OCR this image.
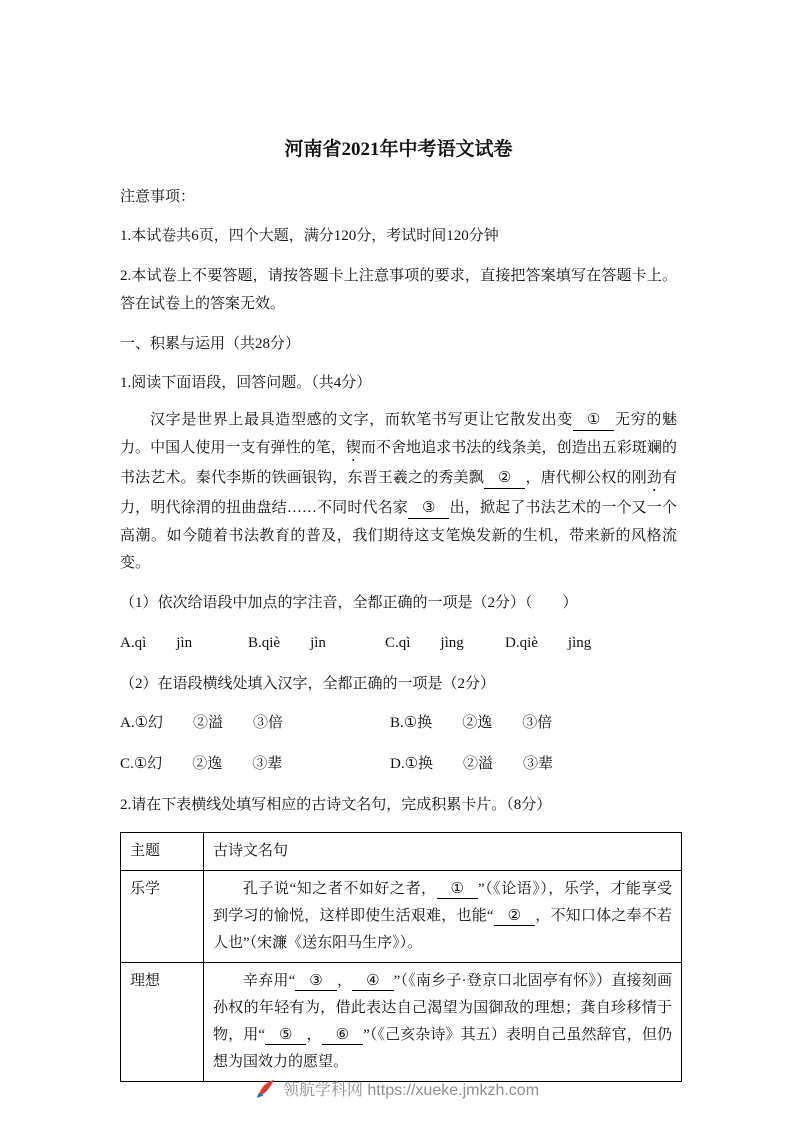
河南省2021年中考语文试卷

注意事项：

1.本试卷共6页，四个大题，满分120分，考试时间120分钟

2.本试卷上不要答题，请按答题卡上注意事项的要求，直接把答案填写在答题卡上。答在试卷上的答案无效。

一、积累与运用（共28分）

1.阅读下面语段，回答问题。（共4分）

汉字是世界上最具造型感的文字，而软笔书写更让它散发出变 ① 无穷的魅力。中国人使用一支有弹性的笔，锲而不舍地追求书法的线条美，创造出五彩斑斓的书法艺术。秦代李斯的铁画银钩，东晋王羲之的秀美飘 ② ，唐代柳公权的刚劲有力，明代徐渭的扭曲盘结……不同时代名家 ③ 出，掀起了书法艺术的一个又一个高潮。如今随着书法教育的普及，我们期待这支笔焕发新的生机，带来新的风格流变。

（1）依次给语段中加点的字注音，全都正确的一项是（2分）（　　）

A.qì　　jìn	B.qiè　　jìn	C.qì　　jìng	D.qiè　　jìng

（2）在语段横线处填入汉字，全都正确的一项是（2分）

A.①幻　　②溢　　③倍	B.①换　　②逸　　③倍
C.①幻　　②逸　　③辈	D.①换　　②溢　　③辈

2.请在下表横线处填写相应的古诗文名句，完成积累卡片。（8分）

主题	古诗文名句
乐学	孔子说“知之者不如好之者， ① ”（《论语》），乐学，才能享受到学习的愉悦，这样即使生活艰难，也能“ ② ，不知口体之奉不若人也”（宋濂《送东阳马生序》）。

理想	辛弃用“ ③ ， ④ ”（《南乡子·登京口北固亭有怀》）直接刻画孙权的年轻有为，借此表达自己渴望为国御敌的理想；龚自珍移情于物，用“ ⑤ ， ⑥ ”（《己亥杂诗》其五）表明自己虽然辞官，但仍想为国效力的愿望。
领航学科网 https://xueke.jmkzh.com
